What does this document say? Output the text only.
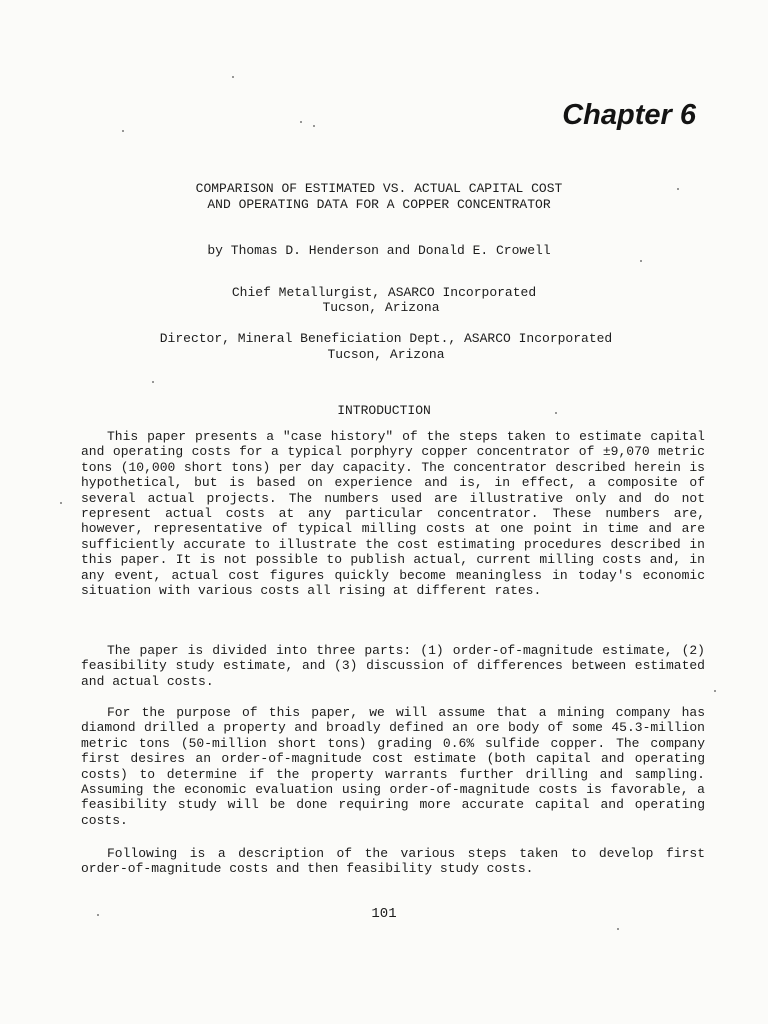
Chapter 6
COMPARISON OF ESTIMATED VS. ACTUAL CAPITAL COST
AND OPERATING DATA FOR A COPPER CONCENTRATOR
by Thomas D. Henderson and Donald E. Crowell
Chief Metallurgist, ASARCO Incorporated
Tucson, Arizona
Director, Mineral Beneficiation Dept., ASARCO Incorporated
Tucson, Arizona
INTRODUCTION

This paper presents a "case history" of the steps taken to estimate capital and operating costs for a typical porphyry copper concentrator of ±9,070 metric tons (10,000 short tons) per day capacity. The concentrator described herein is hypothetical, but is based on experience and is, in effect, a composite of several actual projects. The numbers used are illustrative only and do not represent actual costs at any particular concentrator. These numbers are, however, representative of typical milling costs at one point in time and are sufficiently accurate to illustrate the cost estimating procedures described in this paper. It is not possible to publish actual, current milling costs and, in any event, actual cost figures quickly become meaningless in today's economic situation with various costs all rising at different rates.

The paper is divided into three parts: (1) order-of-magnitude estimate, (2) feasibility study estimate, and (3) discussion of differences between estimated and actual costs.

For the purpose of this paper, we will assume that a mining company has diamond drilled a property and broadly defined an ore body of some 45.3-million metric tons (50-million short tons) grading 0.6% sulfide copper. The company first desires an order-of-magnitude cost estimate (both capital and operating costs) to determine if the property warrants further drilling and sampling. Assuming the economic evaluation using order-of-magnitude costs is favorable, a feasibility study will be done requiring more accurate capital and operating costs.

Following is a description of the various steps taken to develop first order-of-magnitude costs and then feasibility study costs.

101
